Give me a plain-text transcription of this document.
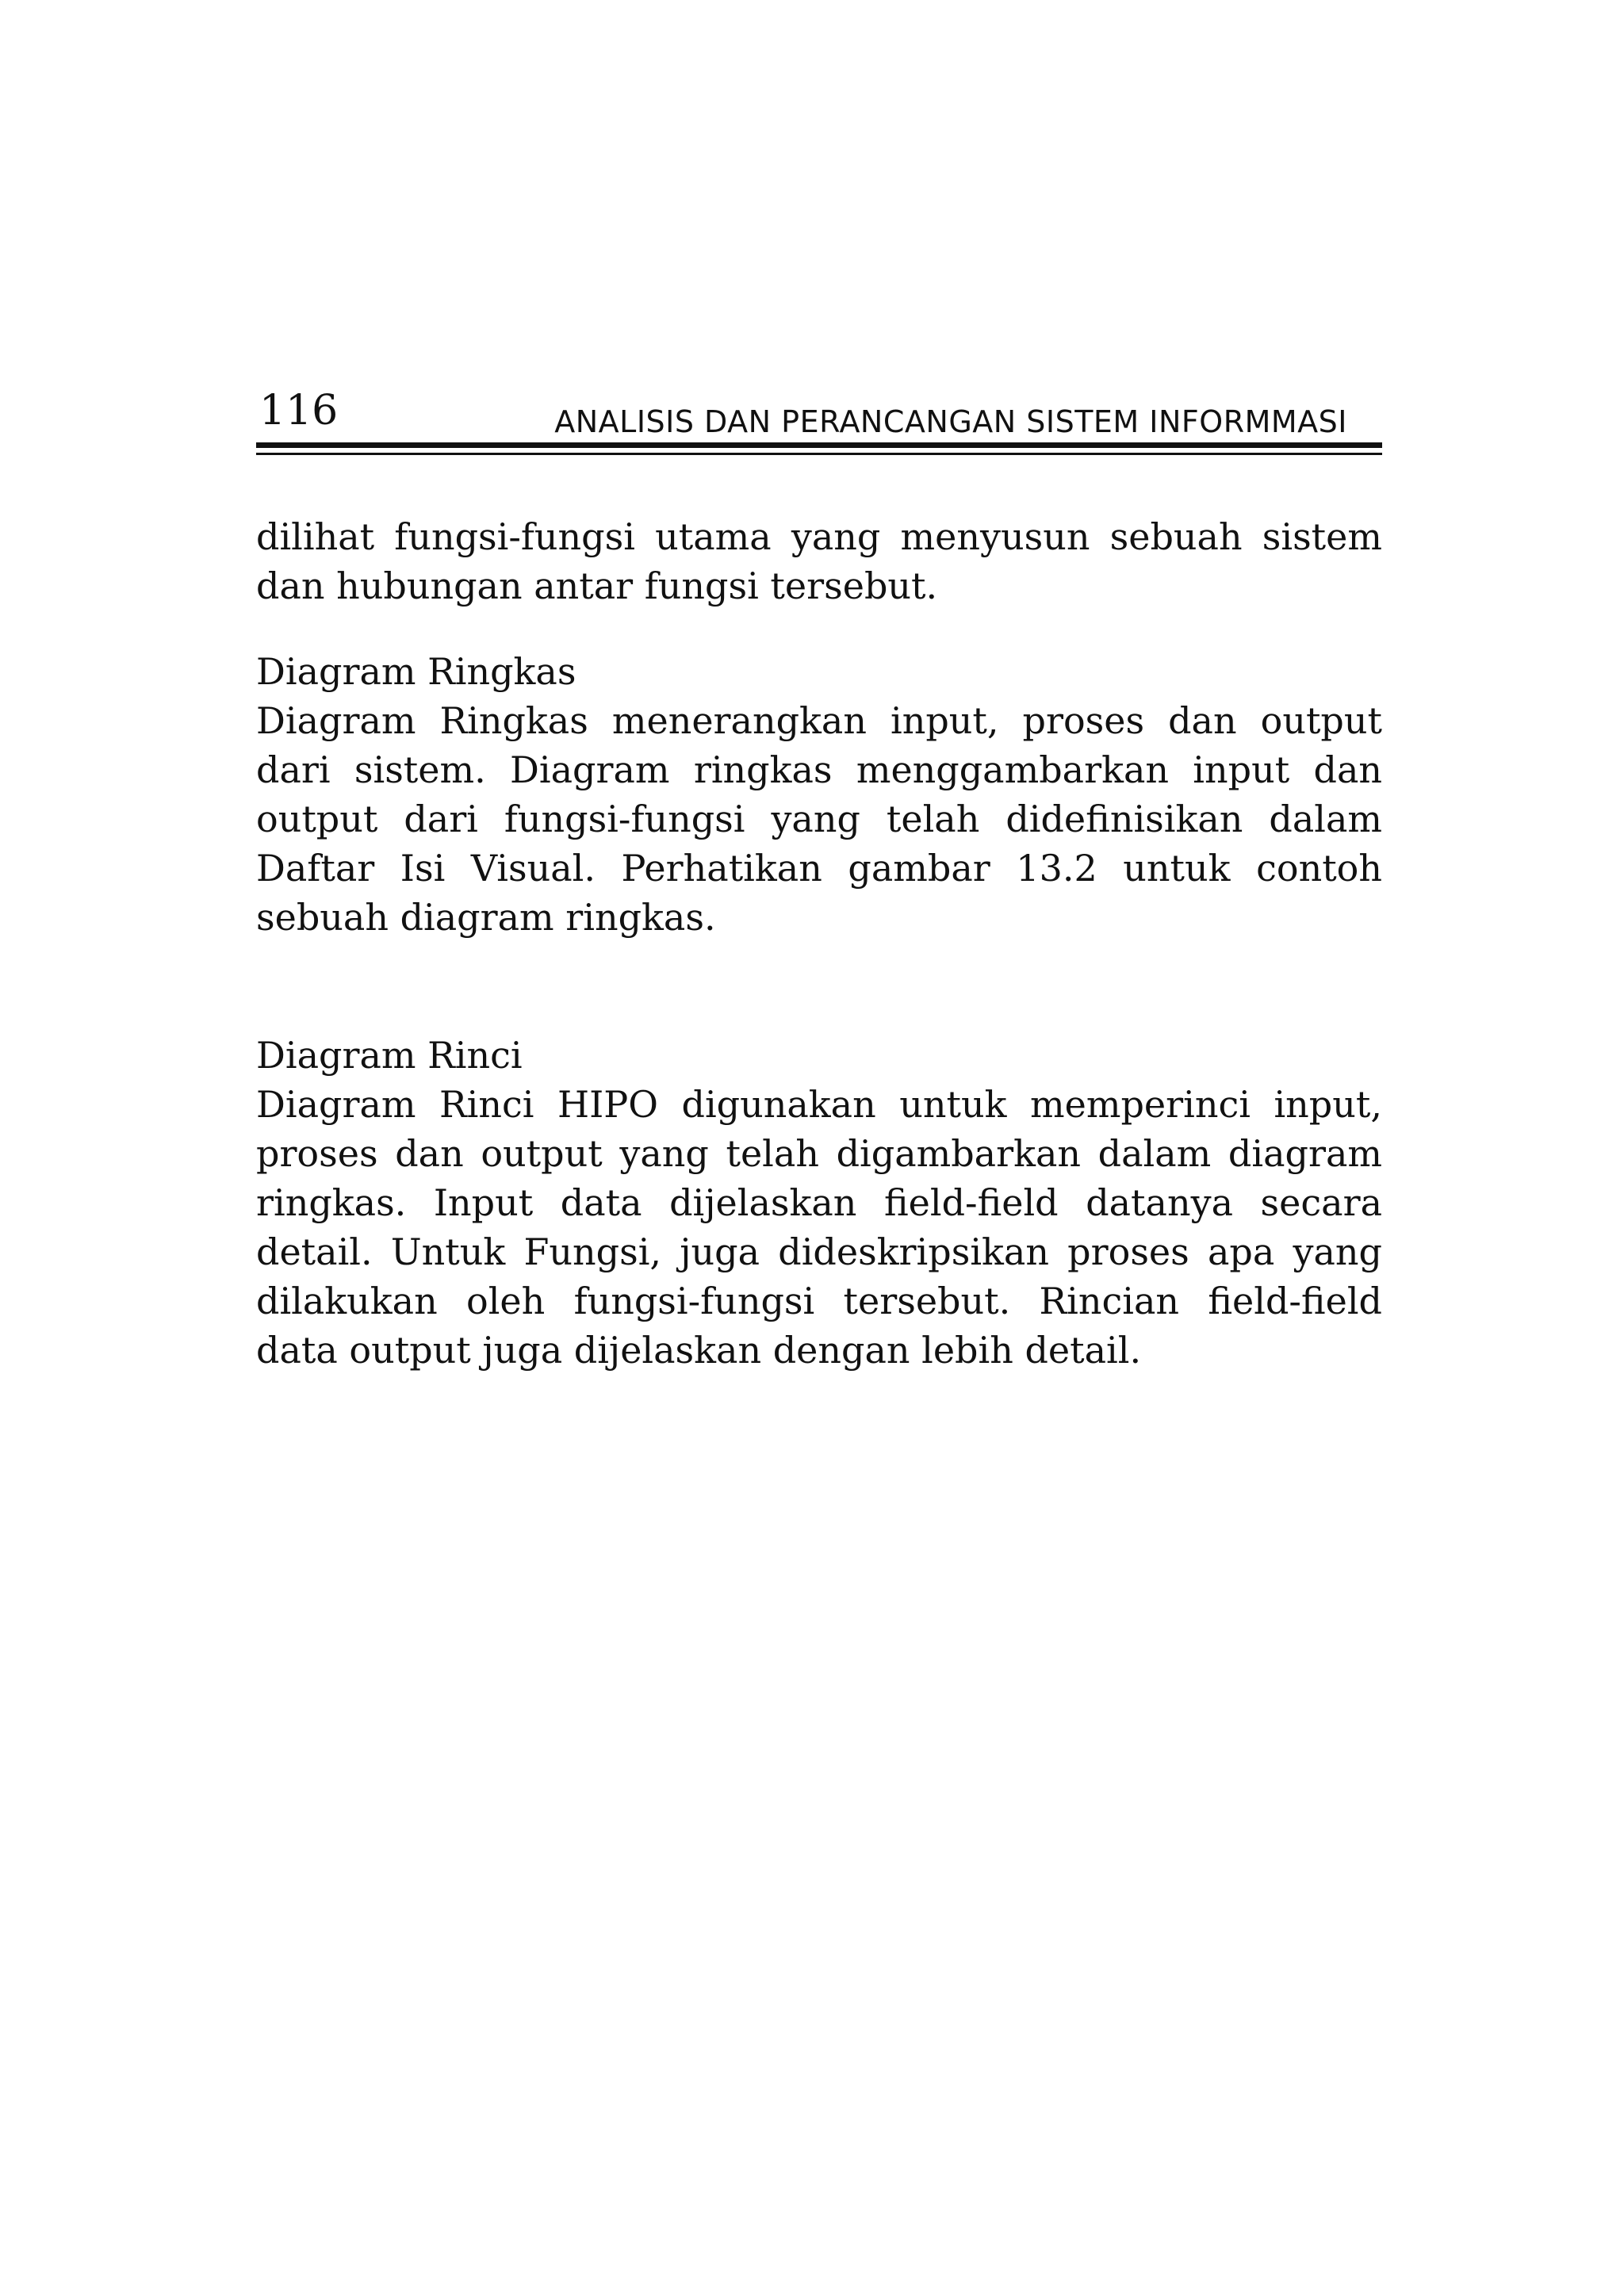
116	ANALISIS DAN PERANCANGAN SISTEM INFORMMASI

dilihat fungsi-fungsi utama yang menyusun sebuah sistem dan hubungan antar fungsi tersebut.

Diagram Ringkas

Diagram Ringkas menerangkan input, proses dan output dari sistem. Diagram ringkas menggambarkan input dan output dari fungsi-fungsi yang telah didefinisikan dalam Daftar Isi Visual. Perhatikan gambar 13.2 untuk contoh sebuah diagram ringkas.

Diagram Rinci

Diagram Rinci HIPO digunakan untuk memperinci input, proses dan output yang telah digambarkan dalam diagram ringkas. Input data dijelaskan field-field datanya secara detail. Untuk Fungsi, juga dideskripsikan proses apa yang dilakukan oleh fungsi-fungsi tersebut. Rincian field-field data output juga dijelaskan dengan lebih detail.
